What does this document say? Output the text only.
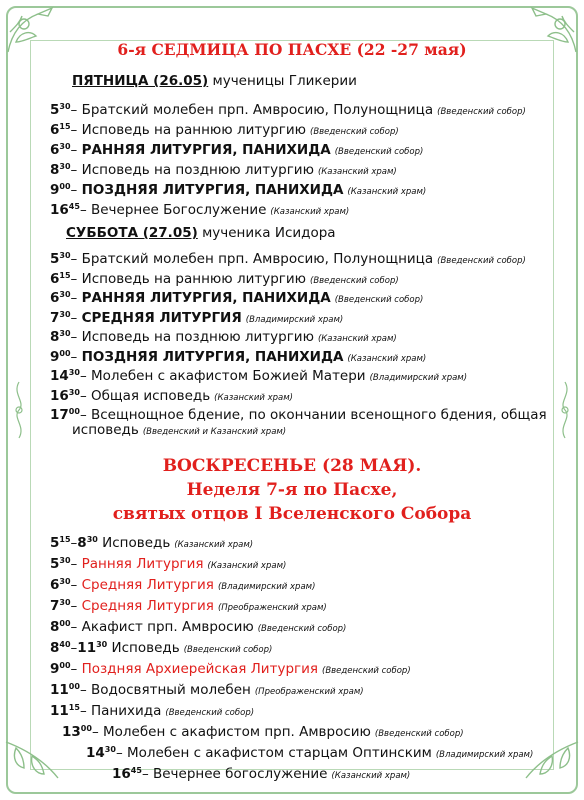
6-я СЕДМИЦА ПО ПАСХЕ (22 -27 мая)
ПЯТНИЦА (26.05) мученицы Гликерии
$5^{30}-$ Братский молебен прп. Амвросию, Полунощница (Введенский собор)
$6^{15}-$ Исповедь на раннюю литургию (Введенский собор)
$6^{30}-$ РАННЯЯ ЛИТУРГИЯ, ПАНИХИДА (Введенский собор)
$8^{30}-$ Исповедь на позднюю литургию (Казанский храм)
$9^{00}-$ ПОЗДНЯЯ ЛИТУРГИЯ, ПАНИХИДА (Казанский храм)
$16^{45}-$ Вечернее Богослужение (Казанский храм)
СУББОТА (27.05) мученика Исидора
$5^{30}-$ Братский молебен прп. Амвросию, Полунощница (Введенский собор)
$6^{15}-$ Исповедь на раннюю литургию (Введенский собор)
$6^{30}-$ РАННЯЯ ЛИТУРГИЯ, ПАНИХИДА (Введенский собор)
$7^{30}-$ СРЕДНЯЯ ЛИТУРГИЯ (Владимирский храм)
$8^{30}-$ Исповедь на позднюю литургию (Казанский храм)
$9^{00}-$ ПОЗДНЯЯ ЛИТУРГИЯ, ПАНИХИДА (Казанский храм)
$14^{30}-$ Молебен с акафистом Божией Матери (Владимирский храм)
$16^{30}-$ Общая исповедь (Казанский храм)
$17^{00}-$ Всещнощное бдение, по окончании всенощного бдения, общая
исповедь (Введенский и Казанский храм)
ВОСКРЕСЕНЬЕ (28 МАЯ).
Неделя 7-я по Пасхе,
святых отцов I Вселенского Собора
$5^{15}-8^{30}$ Исповедь (Казанский храм)
$5^{30}-$ Ранняя Литургия (Казанский храм)
$6^{30}-$ Средняя Литургия (Владимирский храм)
$7^{30}-$ Средняя Литургия (Преображенский храм)
$8^{00}-$ Акафист прп. Амвросию (Введенский собор)
$8^{40}-11^{30}$ Исповедь (Введенский собор)
$9^{00}-$ Поздняя Архиерейская Литургия (Введенский собор)
$11^{00}-$ Водосвятный молебен (Преображенский храм)
$11^{15}-$ Панихида (Введенский собор)
$13^{00}-$ Молебен с акафистом прп. Амвросию (Введенский собор)
$14^{30}-$ Молебен с акафистом старцам Оптинским (Владимирский храм)
$16^{45}-$ Вечернее богослужение (Казанский храм)
